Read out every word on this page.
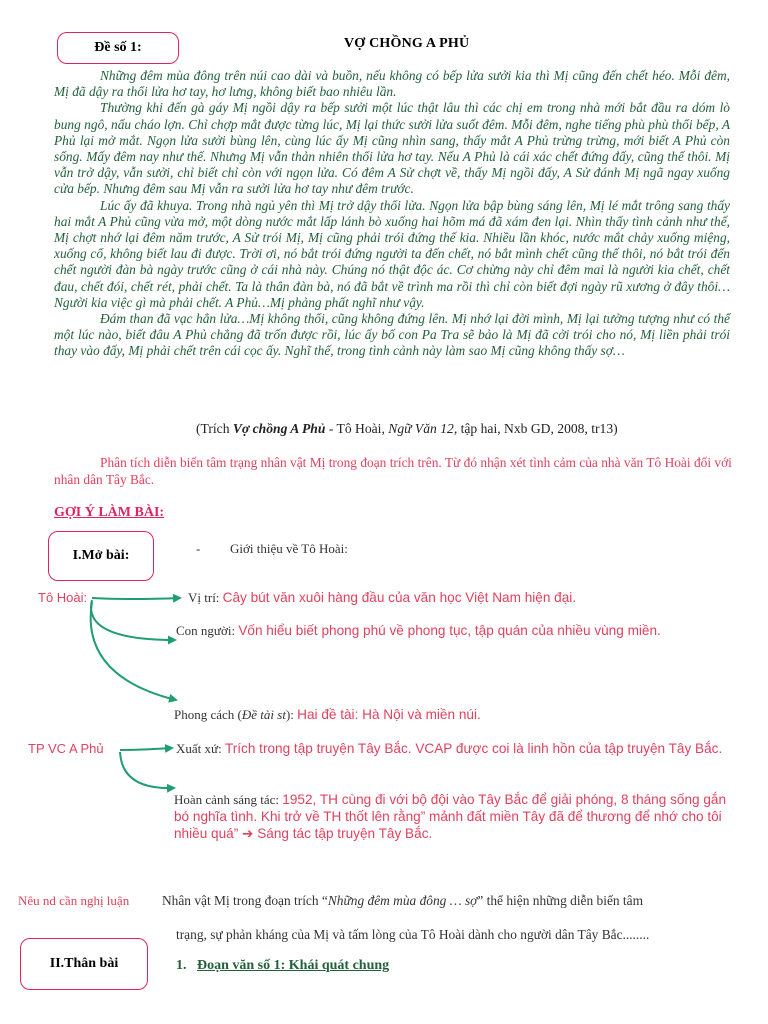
Đề số 1:	VỢ CHỒNG A PHỦ

Những đêm mùa đông trên núi cao dài và buồn, nếu không có bếp lửa sưởi kia thì Mị cũng đến chết héo. Mỗi đêm, Mị đã dậy ra thổi lửa hơ tay, hơ lưng, không biết bao nhiêu lần.

Thường khi đến gà gáy Mị ngồi dậy ra bếp sưởi một lúc thật lâu thì các chị em trong nhà mới bắt đầu ra dóm lò bung ngô, nấu cháo lợn. Chỉ chợp mắt được từng lúc, Mị lại thức sưởi lửa suốt đêm. Mỗi đêm, nghe tiếng phù phù thổi bếp, A Phủ lại mở mắt. Ngọn lửa sưởi bùng lên, cùng lúc ấy Mị cũng nhìn sang, thấy mắt A Phủ trừng trừng, mới biết A Phủ còn sống. Mấy đêm nay như thế. Nhưng Mị vẫn thản nhiên thổi lửa hơ tay. Nếu A Phủ là cái xác chết đứng đấy, cũng thế thôi. Mị vẫn trở dậy, vẫn sưởi, chỉ biết chỉ còn với ngọn lửa. Có đêm A Sử chợt về, thấy Mị ngồi đấy, A Sử đánh Mị ngã ngay xuống cửa bếp. Nhưng đêm sau Mị vẫn ra sưởi lửa hơ tay như đêm trước.

Lúc ấy đã khuya. Trong nhà ngủ yên thì Mị trở dậy thổi lửa. Ngọn lửa bập bùng sáng lên, Mị lé mắt trông sang thấy hai mắt A Phủ cũng vừa mở, một dòng nước mắt lấp lánh bò xuống hai hõm má đã xám đen lại. Nhìn thấy tình cảnh như thế, Mị chợt nhớ lại đêm năm trước, A Sử trói Mị, Mị cũng phải trói đứng thế kia. Nhiều lần khóc, nước mắt chảy xuống miệng, xuống cổ, không biết lau đi được. Trời ơi, nó bắt trói đứng người ta đến chết, nó bắt mình chết cũng thế thôi, nó bắt trói đến chết người đàn bà ngày trước cũng ở cái nhà này. Chúng nó thật độc ác. Cơ chừng này chỉ đêm mai là người kia chết, chết đau, chết đói, chết rét, phải chết. Ta là thân đàn bà, nó đã bắt về trình ma rồi thì chỉ còn biết đợi ngày rũ xương ở đây thôi…Người kia việc gì mà phải chết. A Phủ…Mị phảng phất nghĩ như vậy.

Đám than đã vạc hẳn lửa…Mị không thổi, cũng không đứng lên. Mị nhớ lại đời mình, Mị lại tưởng tượng như có thể một lúc nào, biết đâu A Phủ chẳng đã trốn được rồi, lúc ấy bố con Pa Tra sẽ bảo là Mị đã cởi trói cho nó, Mị liền phải trói thay vào đấy, Mị phải chết trên cái cọc ấy. Nghĩ thế, trong tình cảnh này làm sao Mị cũng không thấy sợ…

(Trích Vợ chồng A Phủ - Tô Hoài, Ngữ Văn 12, tập hai, Nxb GD, 2008, tr13)
Phân tích diễn biến tâm trạng nhân vật Mị trong đoạn trích trên. Từ đó nhận xét tình cảm của nhà văn Tô Hoài đối với nhân dân Tây Bắc.
GỢI Ý LÀM BÀI:
I.Mở bài:	- Giới thiệu về Tô Hoài:
Tô Hoài:	Vị trí: Cây bút văn xuôi hàng đầu của văn học Việt Nam hiện đại.
Con người: Vốn hiểu biết phong phú về phong tục, tập quán của nhiều vùng miền.
Phong cách (Đề tài st): Hai đề tài: Hà Nội và miền núi.
TP VC A Phủ	Xuất xứ: Trích trong tập truyện Tây Bắc. VCAP được coi là linh hồn của tập truyện Tây Bắc.
Hoàn cảnh sáng tác: 1952, TH cùng đi với bộ đội vào Tây Bắc để giải phóng, 8 tháng sống gắn bó nghĩa tình. Khi trở về TH thốt lên rằng” mảnh đất miền Tây đã để thương để nhớ cho tôi nhiều quá” ➔ Sáng tác tập truyện Tây Bắc.
Nêu nd cần nghị luận Nhân vật Mị trong đoạn trích “Những đêm mùa đông … sợ” thể hiện những diễn biến tâm
trạng, sự phản kháng của Mị và tấm lòng của Tô Hoài dành cho người dân Tây Bắc........
II.Thân bài	1. Đoạn văn số 1: Khái quát chung
